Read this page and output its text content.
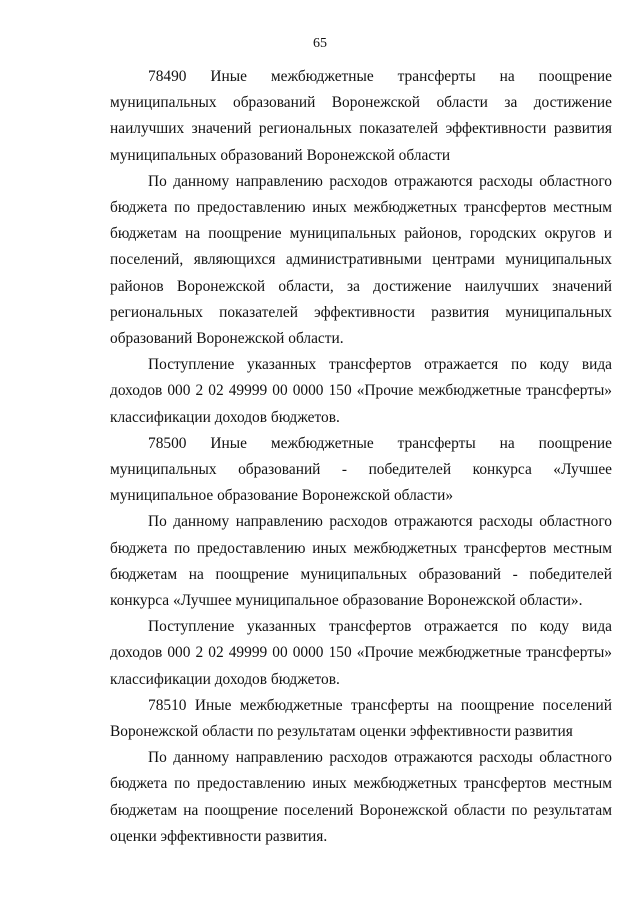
65

78490 Иные межбюджетные трансферты на поощрение муниципальных образований Воронежской области за достижение наилучших значений региональных показателей эффективности развития муниципальных образований Воронежской области

По данному направлению расходов отражаются расходы областного бюджета по предоставлению иных межбюджетных трансфертов местным бюджетам на поощрение муниципальных районов, городских округов и поселений, являющихся административными центрами муниципальных районов Воронежской области, за достижение наилучших значений региональных показателей эффективности развития муниципальных образований Воронежской области.

Поступление указанных трансфертов отражается по коду вида доходов 000 2 02 49999 00 0000 150 «Прочие межбюджетные трансферты» классификации доходов бюджетов.

78500 Иные межбюджетные трансферты на поощрение муниципальных образований - победителей конкурса «Лучшее муниципальное образование Воронежской области»

По данному направлению расходов отражаются расходы областного бюджета по предоставлению иных межбюджетных трансфертов местным бюджетам на поощрение муниципальных образований - победителей конкурса «Лучшее муниципальное образование Воронежской области».

Поступление указанных трансфертов отражается по коду вида доходов 000 2 02 49999 00 0000 150 «Прочие межбюджетные трансферты» классификации доходов бюджетов.

78510 Иные межбюджетные трансферты на поощрение поселений Воронежской области по результатам оценки эффективности развития

По данному направлению расходов отражаются расходы областного бюджета по предоставлению иных межбюджетных трансфертов местным бюджетам на поощрение поселений Воронежской области по результатам оценки эффективности развития.
